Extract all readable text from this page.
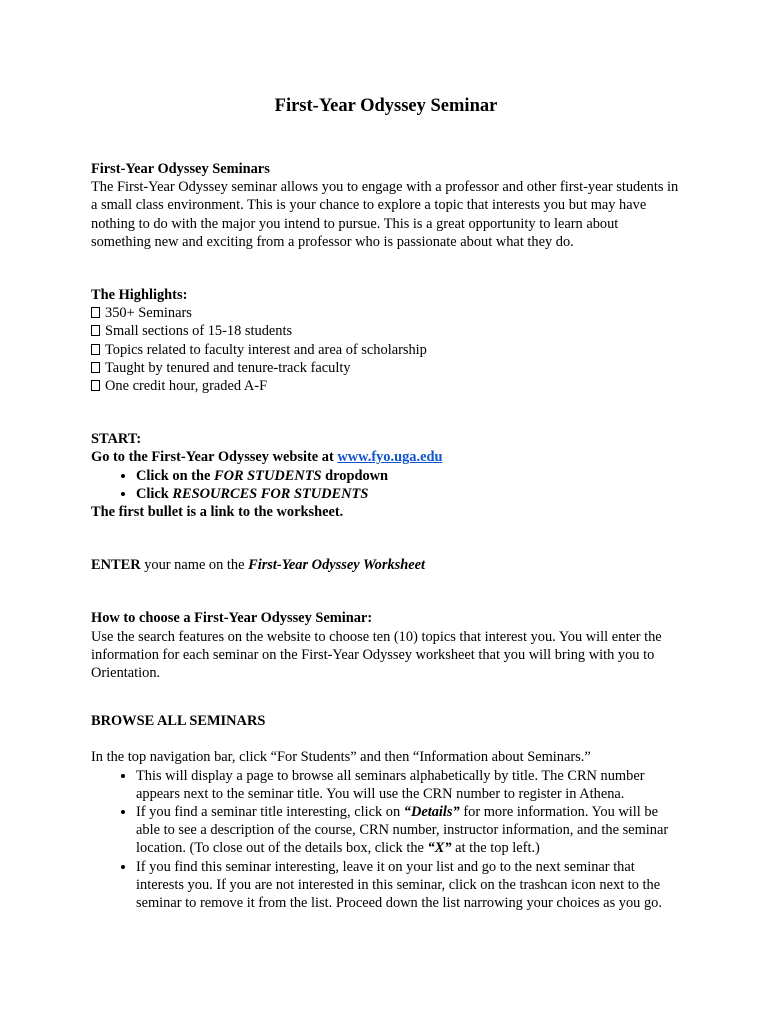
First-Year Odyssey Seminar

First-Year Odyssey Seminars

The First-Year Odyssey seminar allows you to engage with a professor and other first-year students in a small class environment. This is your chance to explore a topic that interests you but may have nothing to do with the major you intend to pursue. This is a great opportunity to learn about something new and exciting from a professor who is passionate about what they do.

The Highlights:

350+ Seminars
Small sections of 15-18 students
Topics related to faculty interest and area of scholarship
Taught by tenured and tenure-track faculty
One credit hour, graded A-F

START:

Go to the First-Year Odyssey website at www.fyo.uga.edu

• Click on the FOR STUDENTS dropdown
• Click RESOURCES FOR STUDENTS

The first bullet is a link to the worksheet.

ENTER your name on the First-Year Odyssey Worksheet

How to choose a First-Year Odyssey Seminar:

Use the search features on the website to choose ten (10) topics that interest you. You will enter the information for each seminar on the First-Year Odyssey worksheet that you will bring with you to Orientation.

BROWSE ALL SEMINARS

In the top navigation bar, click “For Students” and then “Information about Seminars.”

• This will display a page to browse all seminars alphabetically by title. The CRN number appears next to the seminar title. You will use the CRN number to register in Athena.
• If you find a seminar title interesting, click on “Details” for more information. You will be able to see a description of the course, CRN number, instructor information, and the seminar location. (To close out of the details box, click the “X” at the top left.)
• If you find this seminar interesting, leave it on your list and go to the next seminar that interests you. If you are not interested in this seminar, click on the trashcan icon next to the seminar to remove it from the list. Proceed down the list narrowing your choices as you go.
